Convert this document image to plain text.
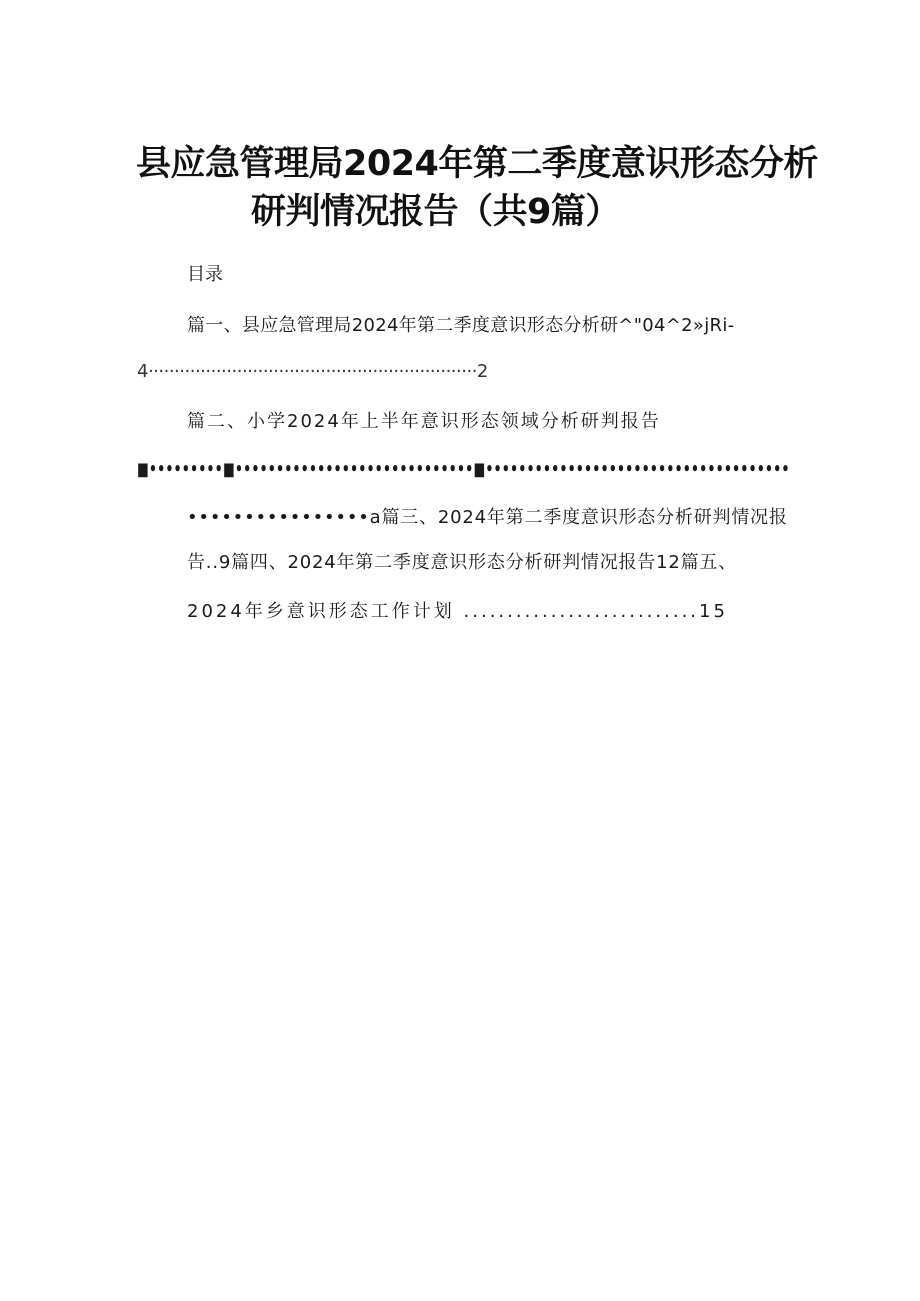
县应急管理局2024年第二季度意识形态分析
研判情况报告（共9篇）
目录
篇一、县应急管理局2024年第二季度意识形态分析研^"04^2»jRi-
4·······························································2
篇二、小学2024年上半年意识形态领域分析研判报告
■•••••••••■•••••••••••••••••••••••••••••■•••••••••••••••••••••••••••••••••••••
••••••••••••••••a篇三、2024年第二季度意识形态分析研判情况报
告..9篇四、2024年第二季度意识形态分析研判情况报告12篇五、
2024年乡意识形态工作计划 ...........................15
